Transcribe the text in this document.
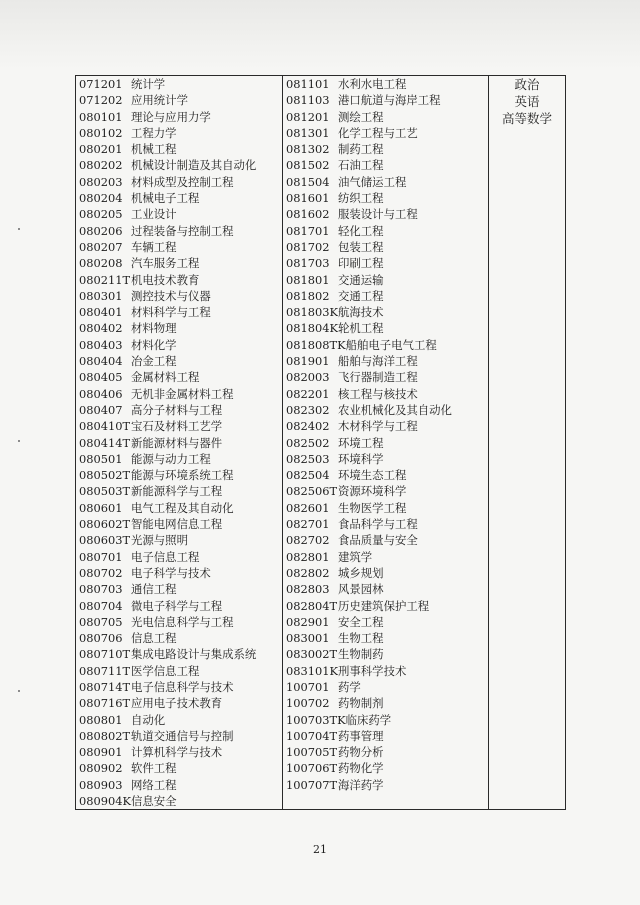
071201 统计学
071202 应用统计学
080101 理论与应用力学
080102 工程力学
080201 机械工程
080202 机械设计制造及其自动化
080203 材料成型及控制工程
080204 机械电子工程
080205 工业设计
080206 过程装备与控制工程
080207 车辆工程
080208 汽车服务工程
080211T 机电技术教育
080301 测控技术与仪器
080401 材料科学与工程
080402 材料物理
080403 材料化学
080404 冶金工程
080405 金属材料工程
080406 无机非金属材料工程
080407 高分子材料与工程
080410T 宝石及材料工艺学
080414T 新能源材料与器件
080501 能源与动力工程
080502T 能源与环境系统工程
080503T 新能源科学与工程
080601 电气工程及其自动化
080602T 智能电网信息工程
080603T 光源与照明
080701 电子信息工程
080702 电子科学与技术
080703 通信工程
080704 微电子科学与工程
080705 光电信息科学与工程
080706 信息工程
080710T 集成电路设计与集成系统
080711T 医学信息工程
080714T 电子信息科学与技术
080716T 应用电子技术教育
080801 自动化
080802T 轨道交通信号与控制
080901 计算机科学与技术
080902 软件工程
080903 网络工程
080904K 信息安全

081101 水利水电工程
081103 港口航道与海岸工程
081201 测绘工程
081301 化学工程与工艺
081302 制药工程
081502 石油工程
081504 油气储运工程
081601 纺织工程
081602 服装设计与工程
081701 轻化工程
081702 包装工程
081703 印刷工程
081801 交通运输
081802 交通工程
081803K 航海技术
081804K 轮机工程
081808TK 船舶电子电气工程
081901 船舶与海洋工程
082003 飞行器制造工程
082201 核工程与核技术
082302 农业机械化及其自动化
082402 木材科学与工程
082502 环境工程
082503 环境科学
082504 环境生态工程
082506T 资源环境科学
082601 生物医学工程
082701 食品科学与工程
082702 食品质量与安全
082801 建筑学
082802 城乡规划
082803 风景园林
082804T 历史建筑保护工程
082901 安全工程
083001 生物工程
083002T 生物制药
083101K 刑事科学技术
100701 药学
100702 药物制剂
100703TK 临床药学
100704T 药事管理
100705T 药物分析
100706T 药物化学
100707T 海洋药学

政治
英语
高等数学
21
